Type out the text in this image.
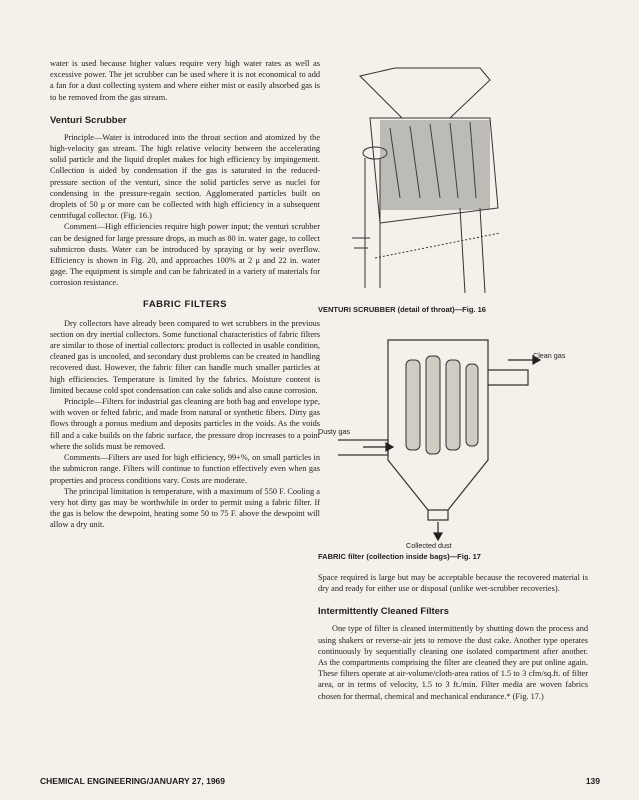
water is used because higher values require very high water rates as well as excessive power. The jet scrubber can be used where it is not economical to add a fan for a dust collecting system and where either mist or easily absorbed gas is to be removed from the gas stream.

Venturi Scrubber

Principle—Water is introduced into the throat section and atomized by the high-velocity gas stream. The high relative velocity between the accelerating solid particle and the liquid droplet makes for high efficiency by impingement. Collection is aided by condensation if the gas is saturated in the reduced-pressure section of the venturi, since the solid particles serve as nuclei for condensing in the pressure-regain section. Agglomerated particles built on droplets of 50 μ or more can be collected with high efficiency in a subsequent centrifugal collector. (Fig. 16.)

Comment—High efficiencies require high power input; the venturi scrubber can be designed for large pressure drops, as much as 80 in. water gage, to collect submicron dusts. Water can be introduced by spraying or by weir overflow. Efficiency is shown in Fig. 20, and approaches 100% at 2 μ and 22 in. water gage. The equipment is simple and can be fabricated in a variety of materials for corrosion resistance.

FABRIC FILTERS

Dry collectors have already been compared to wet scrubbers in the previous section on dry inertial collectors. Some functional characteristics of fabric filters are similar to those of inertial collectors: product is collected in usable condition, cleaned gas is uncooled, and secondary dust problems can be created in handling recovered dust. However, the fabric filter can handle much smaller particles at high efficiencies. Temperature is limited by the fabrics. Moisture content is limited because cold spot condensation can cake solids and also cause corrosion.

Principle—Filters for industrial gas cleaning are both bag and envelope type, with woven or felted fabric, and made from natural or synthetic fibers. Dirty gas flows through a porous medium and deposits particles in the voids. As the voids fill and a cake builds on the fabric surface, the pressure drop increases to a point where the solids must be removed.

Comments—Filters are used for high efficiency, 99+%, on small particles in the submicron range. Filters will continue to function effectively even when gas properties and process conditions vary. Costs are moderate.

The principal limitation is temperature, with a maximum of 550 F. Cooling a very hot dirty gas may be worthwhile in order to permit using a fabric filter. If the gas is below the dewpoint, heating some 50 to 75 F. above the dewpoint will allow a dry unit.

VENTURI SCRUBBER (detail of throat)—Fig. 16
Clean gas
Dusty gas
Collected dust
FABRIC filter (collection inside bags)—Fig. 17

Space required is large but may be acceptable because the recovered material is dry and ready for either use or disposal (unlike wet-scrubber recoveries).

Intermittently Cleaned Filters

One type of filter is cleaned intermittently by shutting down the process and using shakers or reverse-air jets to remove the dust cake. Another type operates continuously by sequentially cleaning one isolated compartment after another. As the compartments comprising the filter are cleaned they are put online again. These filters operate at air-volume/cloth-area ratios of 1.5 to 3 cfm/sq.ft. of filter area, or in terms of velocity, 1.5 to 3 ft./min. Filter media are woven fabrics chosen for thermal, chemical and mechanical endurance.* (Fig. 17.)

CHEMICAL ENGINEERING/JANUARY 27, 1969	139
